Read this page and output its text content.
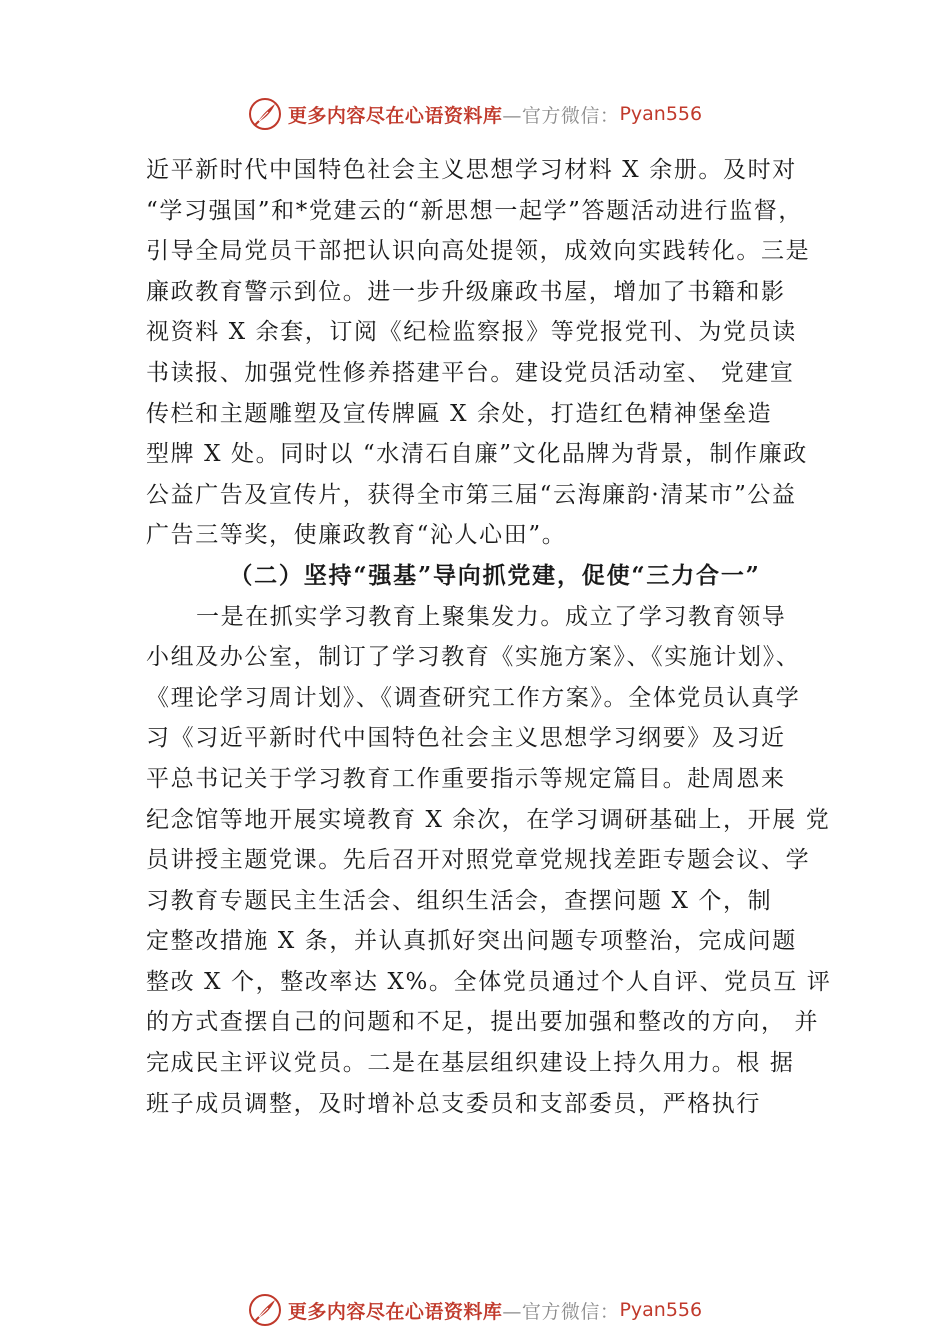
更多内容尽在心语资料库 —官方微信： Pyan556
近平新时代中国特色社会主义思想学习材料 X 余册。及时对
“学习强国”和*党建云的“新思想一起学”答题活动进行监督，
引导全局党员干部把认识向高处提领，成效向实践转化。三是
廉政教育警示到位。进一步升级廉政书屋，增加了书籍和影
视资料 X 余套，订阅《纪检监察报》等党报党刊、为党员读
书读报、加强党性修养搭建平台。建设党员活动室、 党建宣
传栏和主题雕塑及宣传牌匾 X 余处，打造红色精神堡垒造
型牌 X 处。同时以 “水清石自廉”文化品牌为背景，制作廉政
公益广告及宣传片，获得全市第三届“云海廉韵·清某市”公益
广告三等奖，使廉政教育“沁人心田”。
（二）坚持“强基”导向抓党建，促使“三力合一”
一是在抓实学习教育上聚集发力。成立了学习教育领导
小组及办公室，制订了学习教育《实施方案》、《实施计划》、
《理论学习周计划》、《调查研究工作方案》。全体党员认真学
习《习近平新时代中国特色社会主义思想学习纲要》及习近
平总书记关于学习教育工作重要指示等规定篇目。赴周恩来
纪念馆等地开展实境教育 X 余次，在学习调研基础上，开展 党
员讲授主题党课。先后召开对照党章党规找差距专题会议、学
习教育专题民主生活会、组织生活会，查摆问题 X 个，制
定整改措施 X 条，并认真抓好突出问题专项整治，完成问题
整改 X 个，整改率达 X%。全体党员通过个人自评、党员互 评
的方式查摆自己的问题和不足，提出要加强和整改的方向， 并
完成民主评议党员。二是在基层组织建设上持久用力。根 据
班子成员调整，及时增补总支委员和支部委员，严格执行
更多内容尽在心语资料库 —官方微信： Pyan556
